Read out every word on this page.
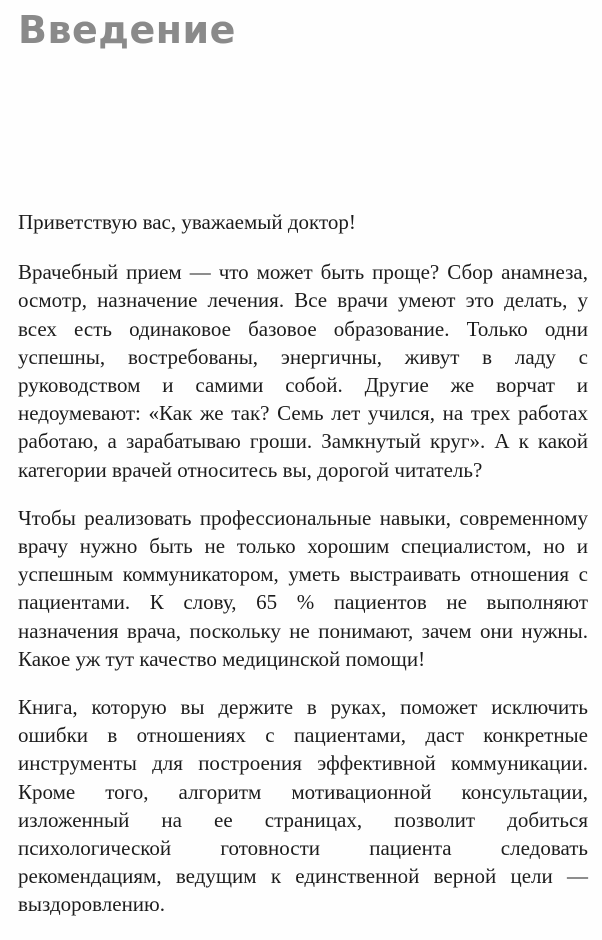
Введение

Приветствую вас, уважаемый доктор!

Врачебный прием — что может быть проще? Сбор анамнеза, осмотр, назначение лечения. Все врачи умеют это делать, у всех есть одинаковое базовое образование. Только одни успешны, востребованы, энергичны, живут в ладу с руководством и самими собой. Другие же ворчат и недоумевают: «Как же так? Семь лет учился, на трех работах работаю, а зарабатываю гроши. Замкнутый круг». А к какой категории врачей относитесь вы, дорогой читатель?

Чтобы реализовать профессиональные навыки, современному врачу нужно быть не только хорошим специалистом, но и успешным коммуникатором, уметь выстраивать отношения с пациентами. К слову, 65 % пациентов не выполняют назначения врача, поскольку не понимают, зачем они нужны. Какое уж тут качество медицинской помощи!

Книга, которую вы держите в руках, поможет исключить ошибки в отношениях с пациентами, даст конкретные инструменты для построения эффективной коммуникации. Кроме того, алгоритм мотивационной консультации, изложенный на ее страницах, позволит добиться психологической готовности пациента следовать рекомендациям, ведущим к единственной верной цели — выздоровлению.
